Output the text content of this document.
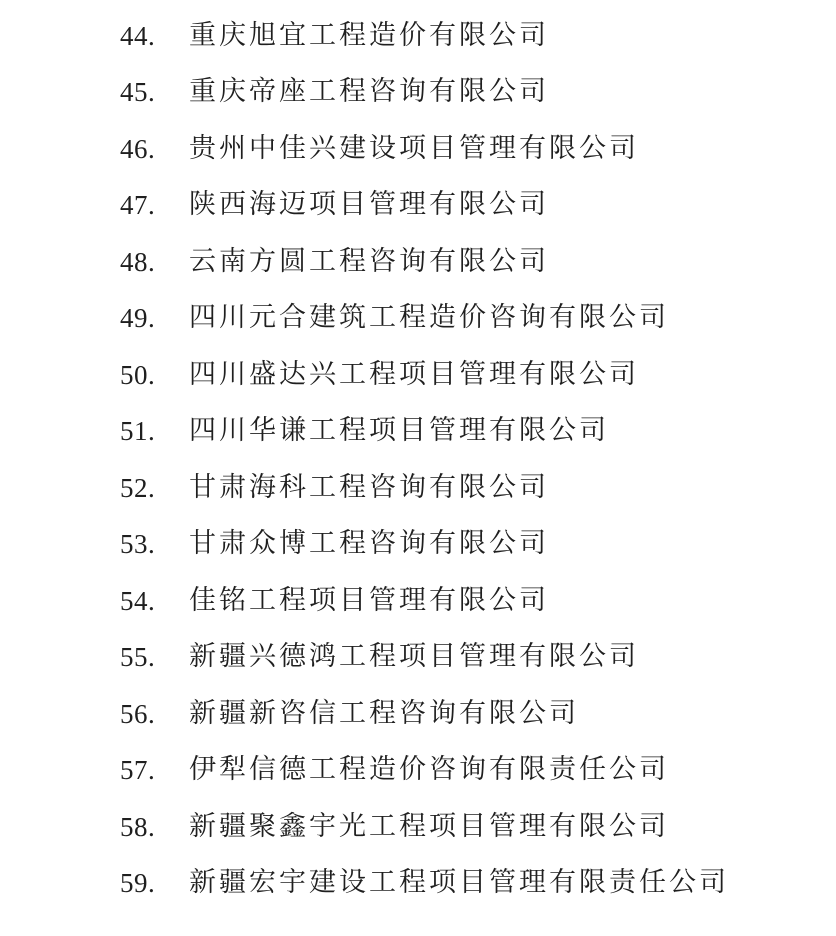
44.	重庆旭宜工程造价有限公司
45.	重庆帝座工程咨询有限公司
46.	贵州中佳兴建设项目管理有限公司
47.	陕西海迈项目管理有限公司
48.	云南方圆工程咨询有限公司
49.	四川元合建筑工程造价咨询有限公司
50.	四川盛达兴工程项目管理有限公司
51.	四川华谦工程项目管理有限公司
52.	甘肃海科工程咨询有限公司
53.	甘肃众博工程咨询有限公司
54.	佳铭工程项目管理有限公司
55.	新疆兴德鸿工程项目管理有限公司
56.	新疆新咨信工程咨询有限公司
57.	伊犁信德工程造价咨询有限责任公司
58.	新疆聚鑫宇光工程项目管理有限公司
59.	新疆宏宇建设工程项目管理有限责任公司
